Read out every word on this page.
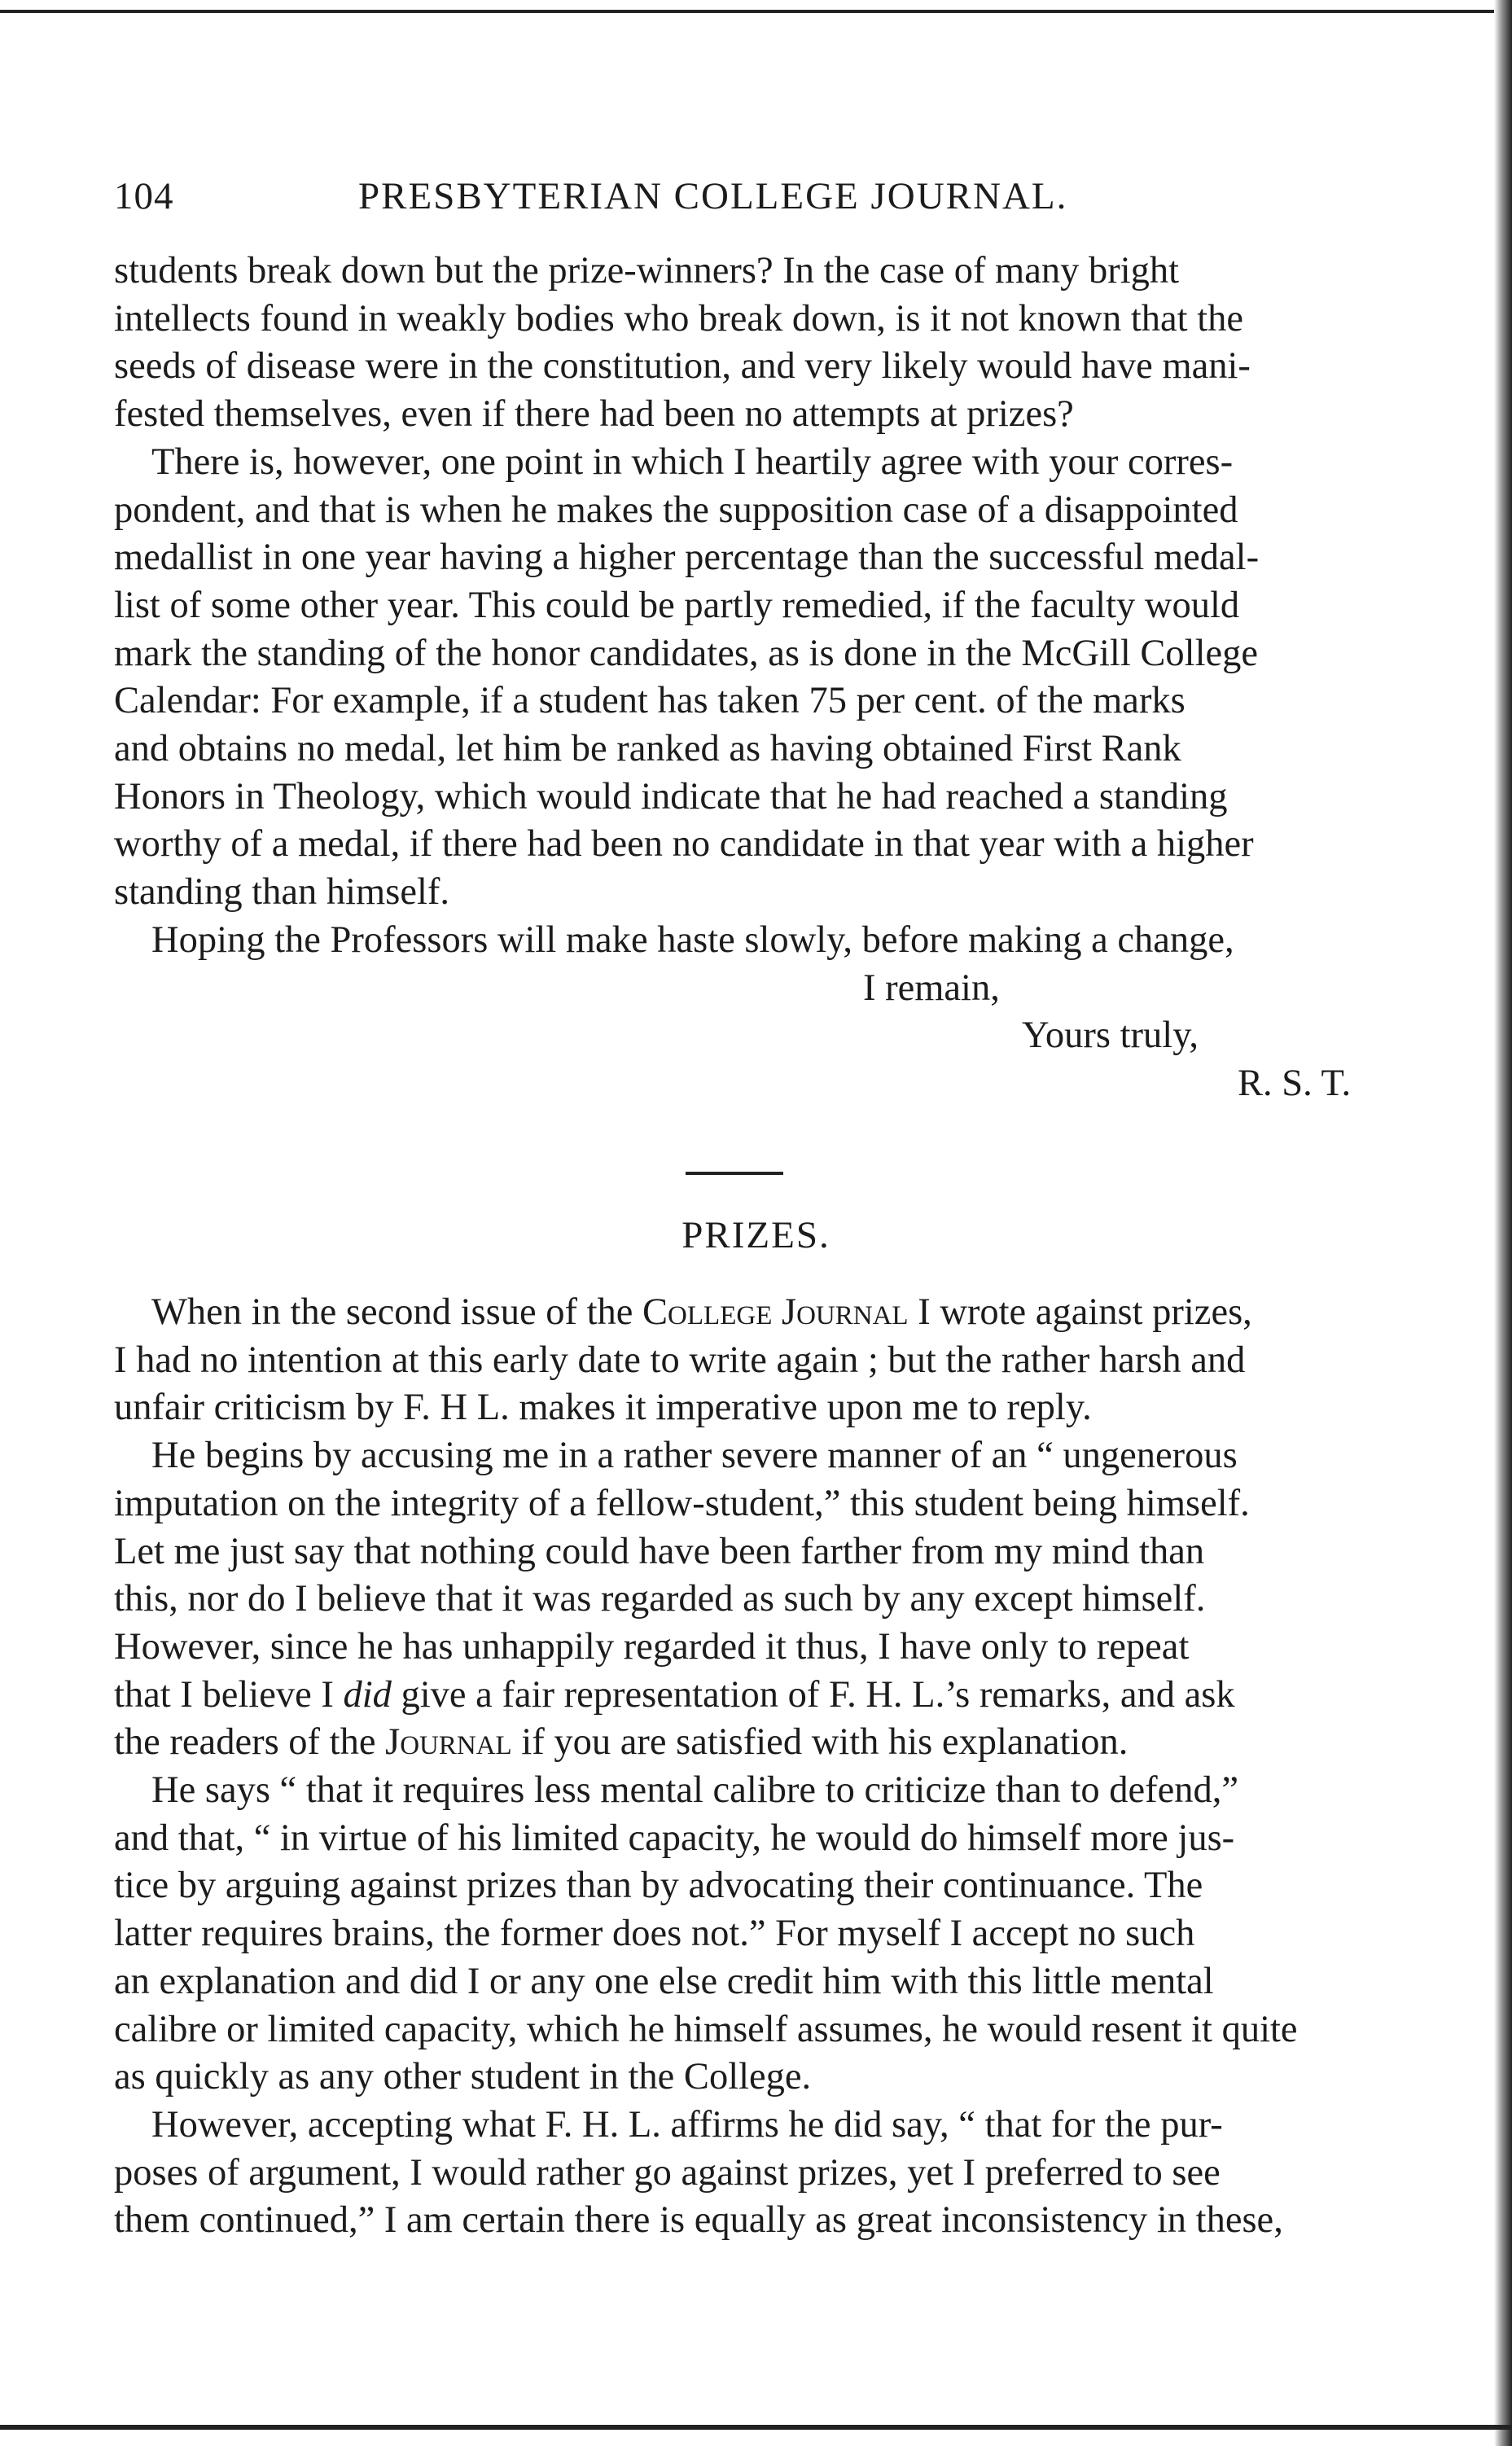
104	PRESBYTERIAN COLLEGE JOURNAL.

students break down but the prize-winners? In the case of many bright

intellects found in weakly bodies who break down, is it not known that the

seeds of disease were in the constitution, and very likely would have mani-

fested themselves, even if there had been no attempts at prizes?

There is, however, one point in which I heartily agree with your corres-

pondent, and that is when he makes the supposition case of a disappointed

medallist in one year having a higher percentage than the successful medal-

list of some other year. This could be partly remedied, if the faculty would

mark the standing of the honor candidates, as is done in the McGill College

Calendar: For example, if a student has taken 75 per cent. of the marks

and obtains no medal, let him be ranked as having obtained First Rank

Honors in Theology, which would indicate that he had reached a standing

worthy of a medal, if there had been no candidate in that year with a higher

standing than himself.

Hoping the Professors will make haste slowly, before making a change,

I remain,

Yours truly,

R. S. T.

PRIZES.

When in the second issue of the College Journal I wrote against prizes,

I had no intention at this early date to write again ; but the rather harsh and

unfair criticism by F. H L. makes it imperative upon me to reply.

He begins by accusing me in a rather severe manner of an “ ungenerous

imputation on the integrity of a fellow-student,” this student being himself.

Let me just say that nothing could have been farther from my mind than

this, nor do I believe that it was regarded as such by any except himself.

However, since he has unhappily regarded it thus, I have only to repeat

that I believe I did give a fair representation of F. H. L.’s remarks, and ask

the readers of the Journal if you are satisfied with his explanation.

He says “ that it requires less mental calibre to criticize than to defend,”

and that, “ in virtue of his limited capacity, he would do himself more jus-

tice by arguing against prizes than by advocating their continuance. The

latter requires brains, the former does not.” For myself I accept no such

an explanation and did I or any one else credit him with this little mental

calibre or limited capacity, which he himself assumes, he would resent it quite

as quickly as any other student in the College.

However, accepting what F. H. L. affirms he did say, “ that for the pur-

poses of argument, I would rather go against prizes, yet I preferred to see

them continued,” I am certain there is equally as great inconsistency in these,
